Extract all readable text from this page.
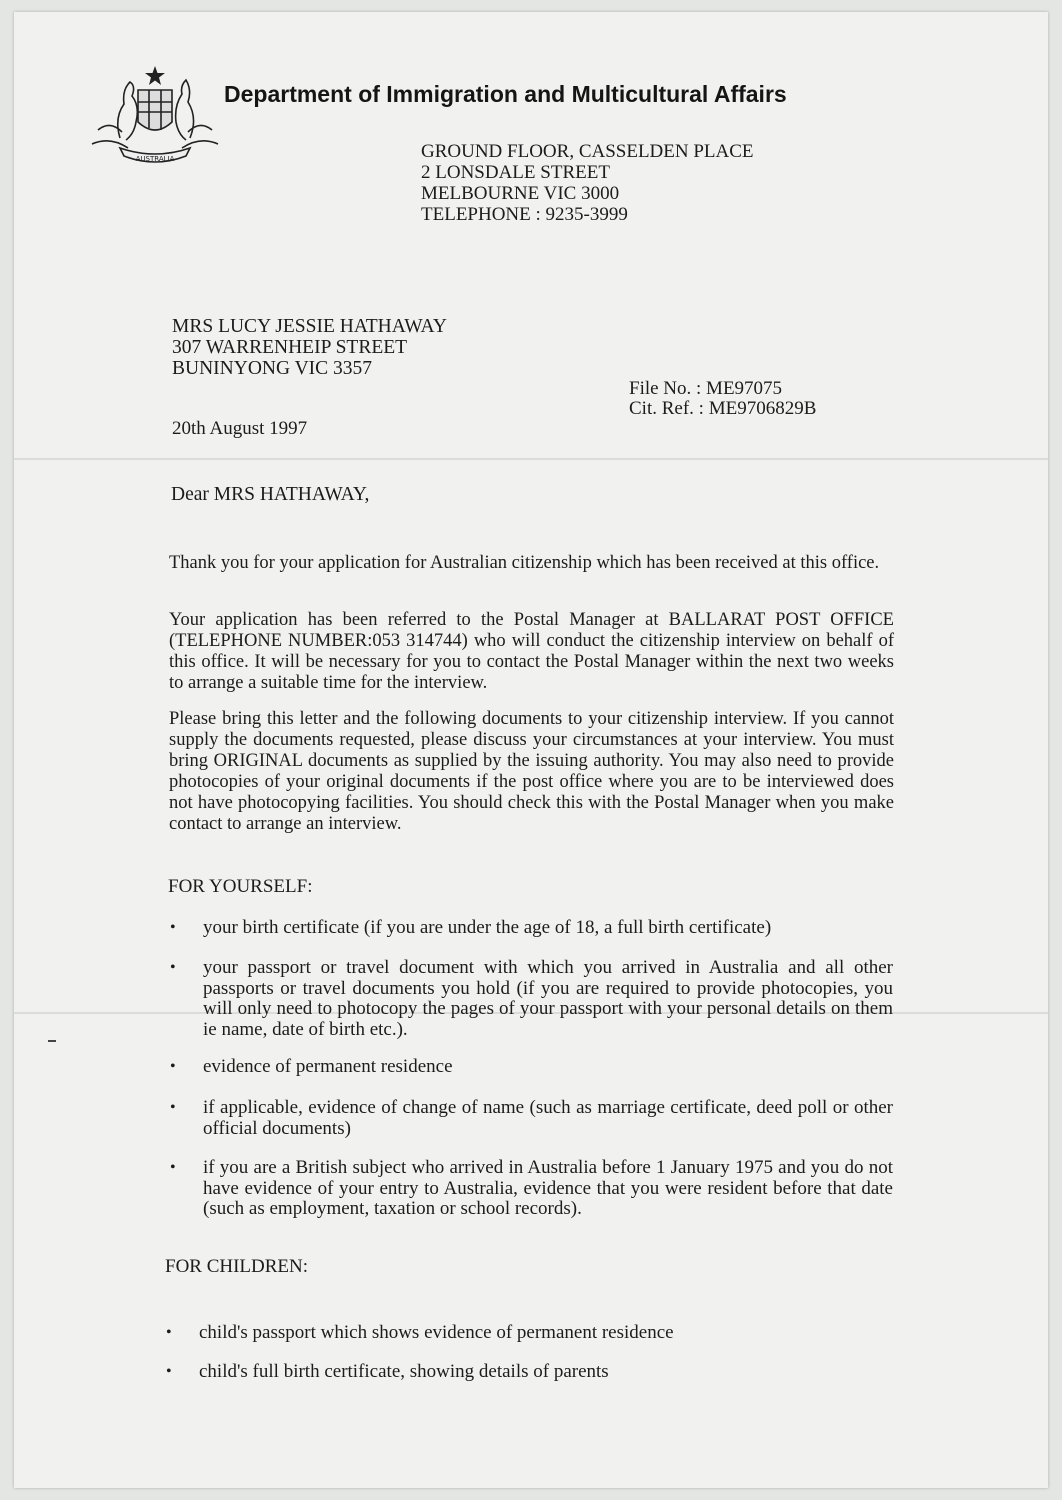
AUSTRALIA
Department of Immigration and Multicultural Affairs
GROUND FLOOR, CASSELDEN PLACE
2 LONSDALE STREET
MELBOURNE VIC 3000
TELEPHONE : 9235-3999
MRS LUCY JESSIE HATHAWAY
307 WARRENHEIP STREET
BUNINYONG VIC 3357
File No. : ME97075
Cit. Ref. : ME9706829B
20th August 1997
Dear MRS HATHAWAY,
Thank you for your application for Australian citizenship which has been received at this office.
Your application has been referred to the Postal Manager at BALLARAT POST OFFICE (TELEPHONE NUMBER:053 314744) who will conduct the citizenship interview on behalf of this office. It will be necessary for you to contact the Postal Manager within the next two weeks to arrange a suitable time for the interview.
Please bring this letter and the following documents to your citizenship interview. If you cannot supply the documents requested, please discuss your circumstances at your interview. You must bring ORIGINAL documents as supplied by the issuing authority. You may also need to provide photocopies of your original documents if the post office where you are to be interviewed does not have photocopying facilities. You should check this with the Postal Manager when you make contact to arrange an interview.
FOR YOURSELF:
• your birth certificate (if you are under the age of 18, a full birth certificate)
• your passport or travel document with which you arrived in Australia and all other passports or travel documents you hold (if you are required to provide photocopies, you will only need to photocopy the pages of your passport with your personal details on them ie name, date of birth etc.).
• evidence of permanent residence
• if applicable, evidence of change of name (such as marriage certificate, deed poll or other official documents)
• if you are a British subject who arrived in Australia before 1 January 1975 and you do not have evidence of your entry to Australia, evidence that you were resident before that date (such as employment, taxation or school records).
FOR CHILDREN:
• child's passport which shows evidence of permanent residence
• child's full birth certificate, showing details of parents
